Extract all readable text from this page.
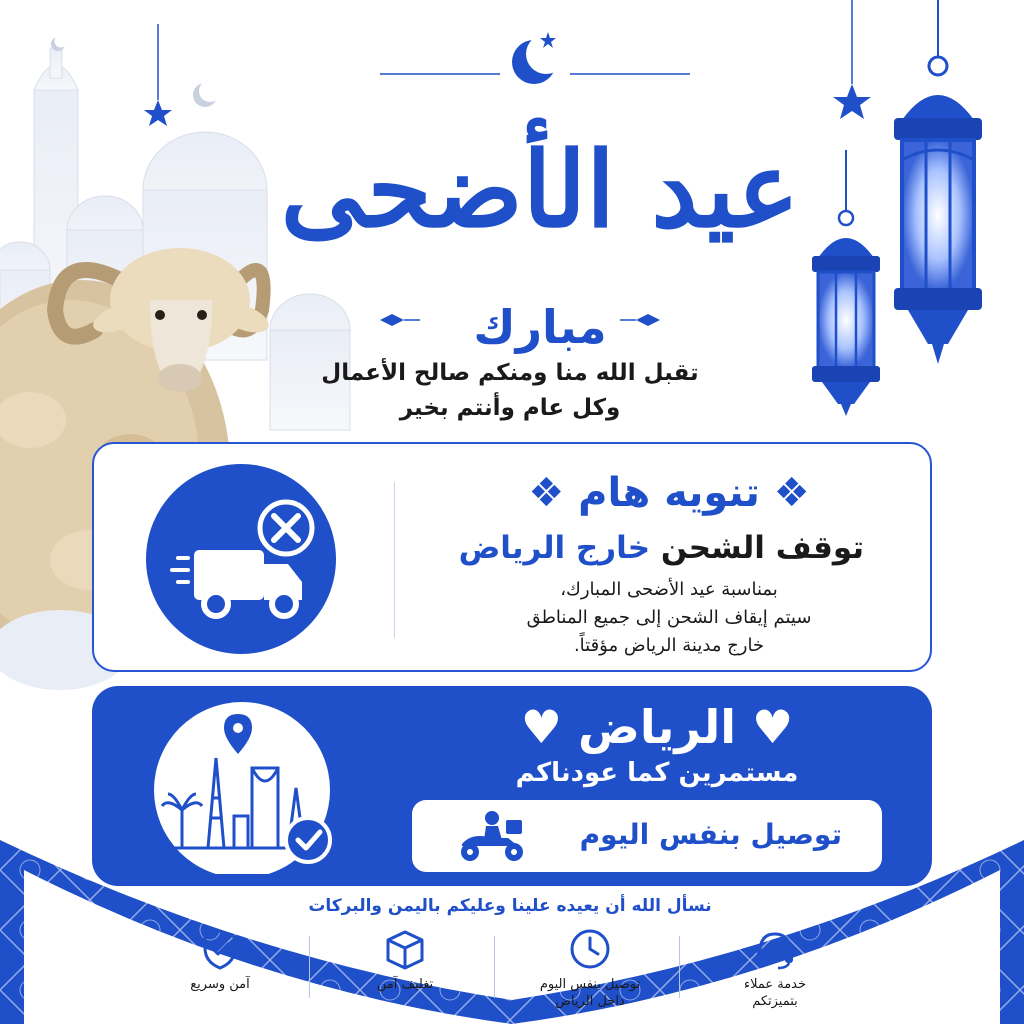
عيد الأضحى
مبارك
تقبل الله منا ومنكم صالح الأعمال
وكل عام وأنتم بخير
❖ تنويه هام ❖
توقف الشحن خارج الرياض
بمناسبة عيد الأضحى المبارك،
سيتم إيقاف الشحن إلى جميع المناطق
خارج مدينة الرياض مؤقتاً.
♥ الرياض ♥
مستمرين كما عودناكم
توصيل بنفس اليوم
نسأل الله أن يعيده علينا وعليكم باليمن والبركات
خدمة عملاء
بتميزتكم
توصيل بنفس اليوم
داخل الرياض
تغليف آمن
آمن وسريع
